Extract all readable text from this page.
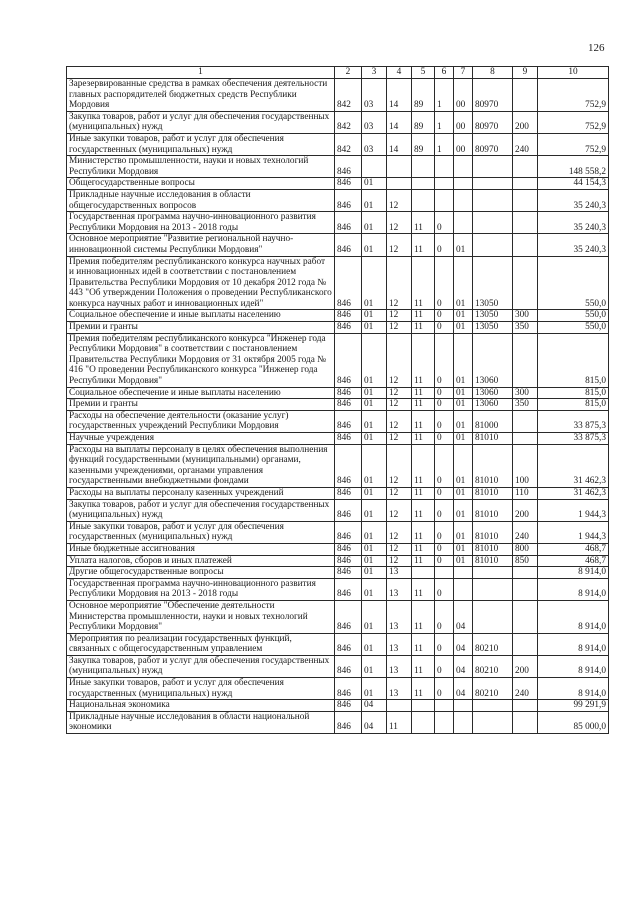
126
1	2	3	4	5	6	7	8	9	10
Зарезервированные средства в рамках обеспечения деятельности главных распорядителей бюджетных средств Республики Мордовия	842	03	14	89	1	00	80970		752,9
Закупка товаров, работ и услуг для обеспечения государственных (муниципальных) нужд	842	03	14	89	1	00	80970	200	752,9
Иные закупки товаров, работ и услуг для обеспечения государственных (муниципальных) нужд	842	03	14	89	1	00	80970	240	752,9
Министерство промышленности, науки и новых технологий Республики Мордовия	846								148 558,2
Общегосударственные вопросы	846	01							44 154,3
Прикладные научные исследования в области общегосударственных вопросов	846	01	12						35 240,3
Государственная программа научно-инновационного развития Республики Мордовия на 2013 - 2018 годы	846	01	12	11	0				35 240,3
Основное мероприятие "Развитие региональной научно-инновационной системы Республики Мордовия"	846	01	12	11	0	01			35 240,3
Премия победителям республиканского конкурса научных работ и инновационных идей в соответствии с постановлением Правительства Республики Мордовия от 10 декабря 2012 года № 443 "Об утверждении Положения о проведении Республиканского конкурса научных работ и инновационных идей"	846	01	12	11	0	01	13050		550,0
Социальное обеспечение и иные выплаты населению	846	01	12	11	0	01	13050	300	550,0
Премии и гранты	846	01	12	11	0	01	13050	350	550,0
Премия победителям республиканского конкурса "Инженер года Республики Мордовия" в соответствии с постановлением Правительства Республики Мордовия от 31 октября 2005 года № 416 "О проведении Республиканского конкурса "Инженер года Республики Мордовия"	846	01	12	11	0	01	13060		815,0
Социальное обеспечение и иные выплаты населению	846	01	12	11	0	01	13060	300	815,0
Премии и гранты	846	01	12	11	0	01	13060	350	815,0
Расходы на обеспечение деятельности (оказание услуг) государственных учреждений Республики Мордовия	846	01	12	11	0	01	81000		33 875,3
Научные учреждения	846	01	12	11	0	01	81010		33 875,3
Расходы на выплаты персоналу в целях обеспечения выполнения функций государственными (муниципальными) органами, казенными учреждениями, органами управления государственными внебюджетными фондами	846	01	12	11	0	01	81010	100	31 462,3
Расходы на выплаты персоналу казенных учреждений	846	01	12	11	0	01	81010	110	31 462,3
Закупка товаров, работ и услуг для обеспечения государственных (муниципальных) нужд	846	01	12	11	0	01	81010	200	1 944,3
Иные закупки товаров, работ и услуг для обеспечения государственных (муниципальных) нужд	846	01	12	11	0	01	81010	240	1 944,3
Иные бюджетные ассигнования	846	01	12	11	0	01	81010	800	468,7
Уплата налогов, сборов и иных платежей	846	01	12	11	0	01	81010	850	468,7
Другие общегосударственные вопросы	846	01	13						8 914,0
Государственная программа научно-инновационного развития Республики Мордовия на 2013 - 2018 годы	846	01	13	11	0				8 914,0
Основное мероприятие "Обеспечение деятельности Министерства промышленности, науки и новых технологий Республики Мордовия"	846	01	13	11	0	04			8 914,0
Мероприятия по реализации государственных функций, связанных с общегосударственным управлением	846	01	13	11	0	04	80210		8 914,0
Закупка товаров, работ и услуг для обеспечения государственных (муниципальных) нужд	846	01	13	11	0	04	80210	200	8 914,0
Иные закупки товаров, работ и услуг для обеспечения государственных (муниципальных) нужд	846	01	13	11	0	04	80210	240	8 914,0
Национальная экономика	846	04							99 291,9
Прикладные научные исследования в области национальной экономики	846	04	11						85 000,0
